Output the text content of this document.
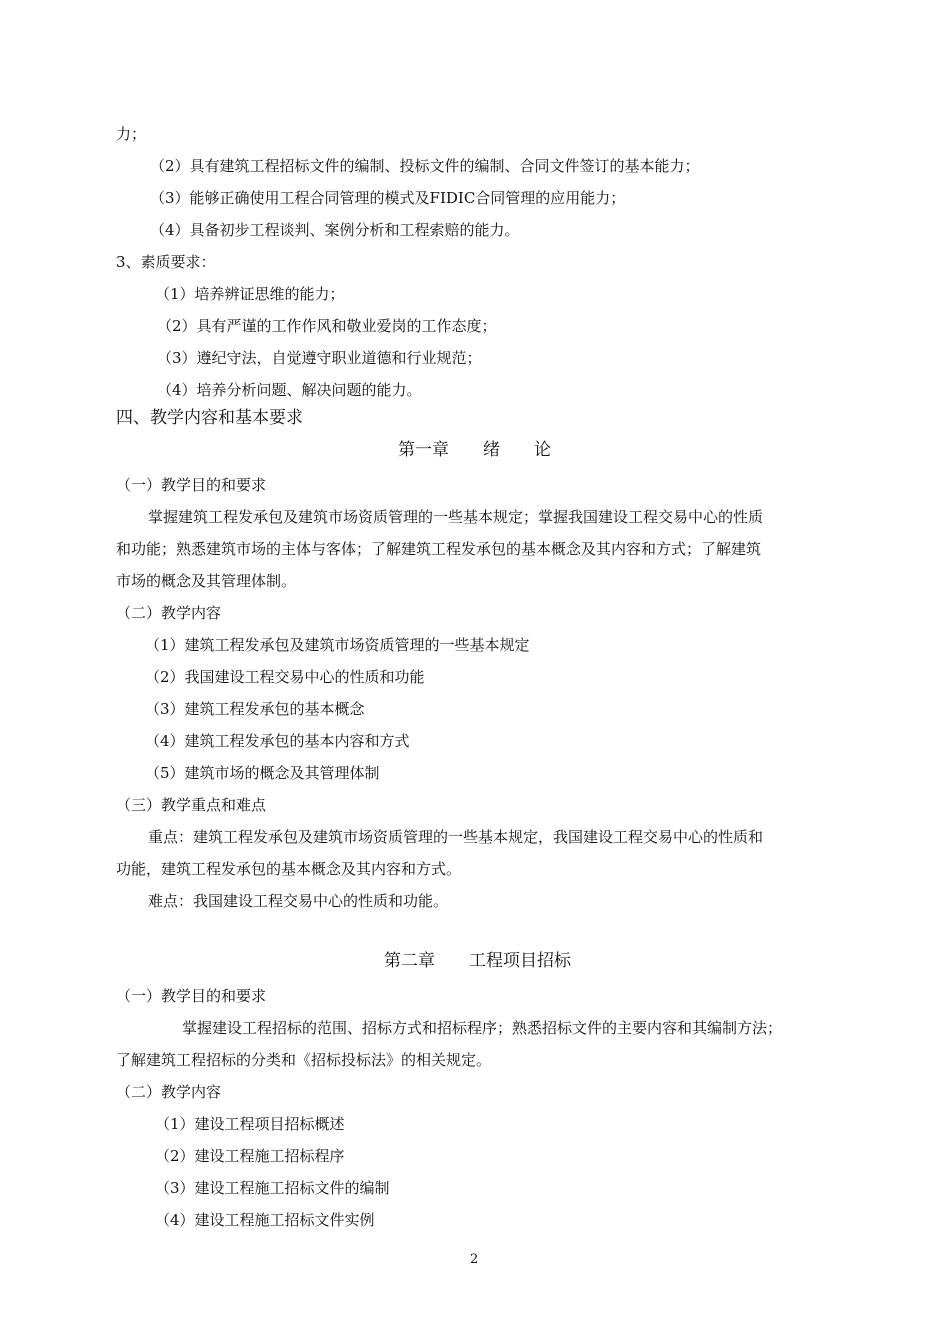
力；
（2）具有建筑工程招标文件的编制、投标文件的编制、合同文件签订的基本能力；
（3）能够正确使用工程合同管理的模式及FIDIC合同管理的应用能力；
（4）具备初步工程谈判、案例分析和工程索赔的能力。
3、素质要求：
（1）培养辨证思维的能力；
（2）具有严谨的工作作风和敬业爱岗的工作态度；
（3）遵纪守法，自觉遵守职业道德和行业规范；
（4）培养分析问题、解决问题的能力。
四、教学内容和基本要求
第一章　　绪　　论
（一）教学目的和要求
掌握建筑工程发承包及建筑市场资质管理的一些基本规定；掌握我国建设工程交易中心的性质
和功能；熟悉建筑市场的主体与客体；了解建筑工程发承包的基本概念及其内容和方式；了解建筑
市场的概念及其管理体制。
（二）教学内容
（1）建筑工程发承包及建筑市场资质管理的一些基本规定
（2）我国建设工程交易中心的性质和功能
（3）建筑工程发承包的基本概念
（4）建筑工程发承包的基本内容和方式
（5）建筑市场的概念及其管理体制
（三）教学重点和难点
重点：建筑工程发承包及建筑市场资质管理的一些基本规定，我国建设工程交易中心的性质和
功能，建筑工程发承包的基本概念及其内容和方式。
难点：我国建设工程交易中心的性质和功能。
第二章　　工程项目招标
（一）教学目的和要求
掌握建设工程招标的范围、招标方式和招标程序；熟悉招标文件的主要内容和其编制方法；
了解建筑工程招标的分类和《招标投标法》的相关规定。
（二）教学内容
（1）建设工程项目招标概述
（2）建设工程施工招标程序
（3）建设工程施工招标文件的编制
（4）建设工程施工招标文件实例
2
